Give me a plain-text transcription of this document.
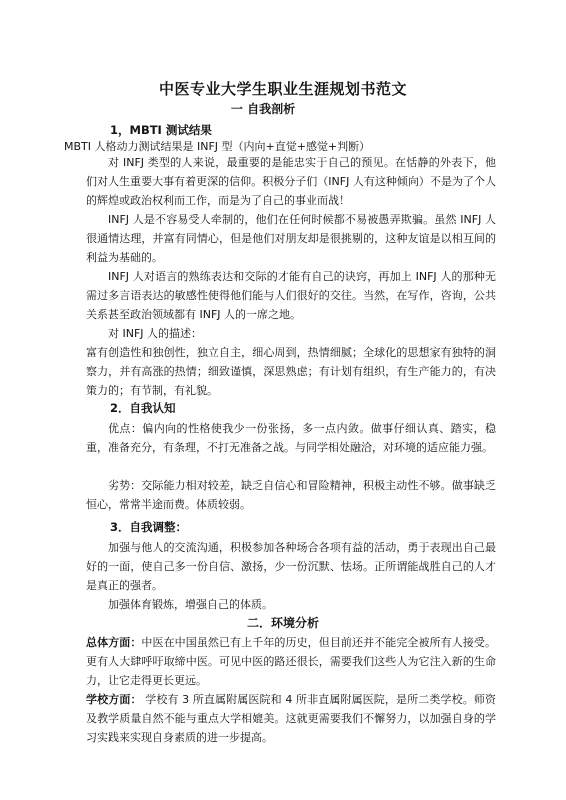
中医专业大学生职业生涯规划书范文
一 自我剖析
1，MBTI 测试结果
MBTI 人格动力测试结果是 INFJ 型（内向+直觉+感觉+判断）

对 INFJ 类型的人来说，最重要的是能忠实于自己的预见。在恬静的外表下，他们对人生重要大事有着更深的信仰。积极分子们（INFJ 人有这种倾向）不是为了个人的辉煌或政治权利而工作，而是为了自己的事业而战！

INFJ 人是不容易受人牵制的，他们在任何时候都不易被愚弄欺骗。虽然 INFJ 人很通情达理，并富有同情心，但是他们对朋友却是很挑剔的，这种友谊是以相互间的利益为基础的。

INFJ 人对语言的熟练表达和交际的才能有自己的诀窍，再加上 INFJ 人的那种无需过多言语表达的敏感性使得他们能与人们很好的交往。当然，在写作，咨询，公共关系甚至政治领域都有 INFJ 人的一席之地。

对 INFJ 人的描述：

富有创造性和独创性，独立自主，细心周到，热情细腻；全球化的思想家有独特的洞察力，并有高涨的热情；细致谨慎，深思熟虑；有计划有组织，有生产能力的，有决策力的；有节制，有礼貌。

2．自我认知

优点：偏内向的性格使我少一份张扬，多一点内敛。做事仔细认真、踏实，稳重，准备充分，有条理，不打无准备之战。与同学相处融洽，对环境的适应能力强。

劣势：交际能力相对较差，缺乏自信心和冒险精神，积极主动性不够。做事缺乏恒心，常常半途而费。体质较弱。

3．自我调整：

加强与他人的交流沟通，积极参加各种场合各项有益的活动，勇于表现出自己最好的一面，使自己多一份自信、激扬，少一份沉默、怯场。正所谓能战胜自己的人才是真正的强者。

加强体育锻炼，增强自己的体质。
二．环境分析

总体方面：中医在中国虽然已有上千年的历史，但目前还并不能完全被所有人接受。更有人大肆呼吁取缔中医。可见中医的路还很长，需要我们这些人为它注入新的生命力，让它走得更长更远。

学校方面： 学校有 3 所直属附属医院和 4 所非直属附属医院，是所二类学校。师资及教学质量自然不能与重点大学相媲美。这就更需要我们不懈努力，以加强自身的学习实践来实现自身素质的进一步提高。
